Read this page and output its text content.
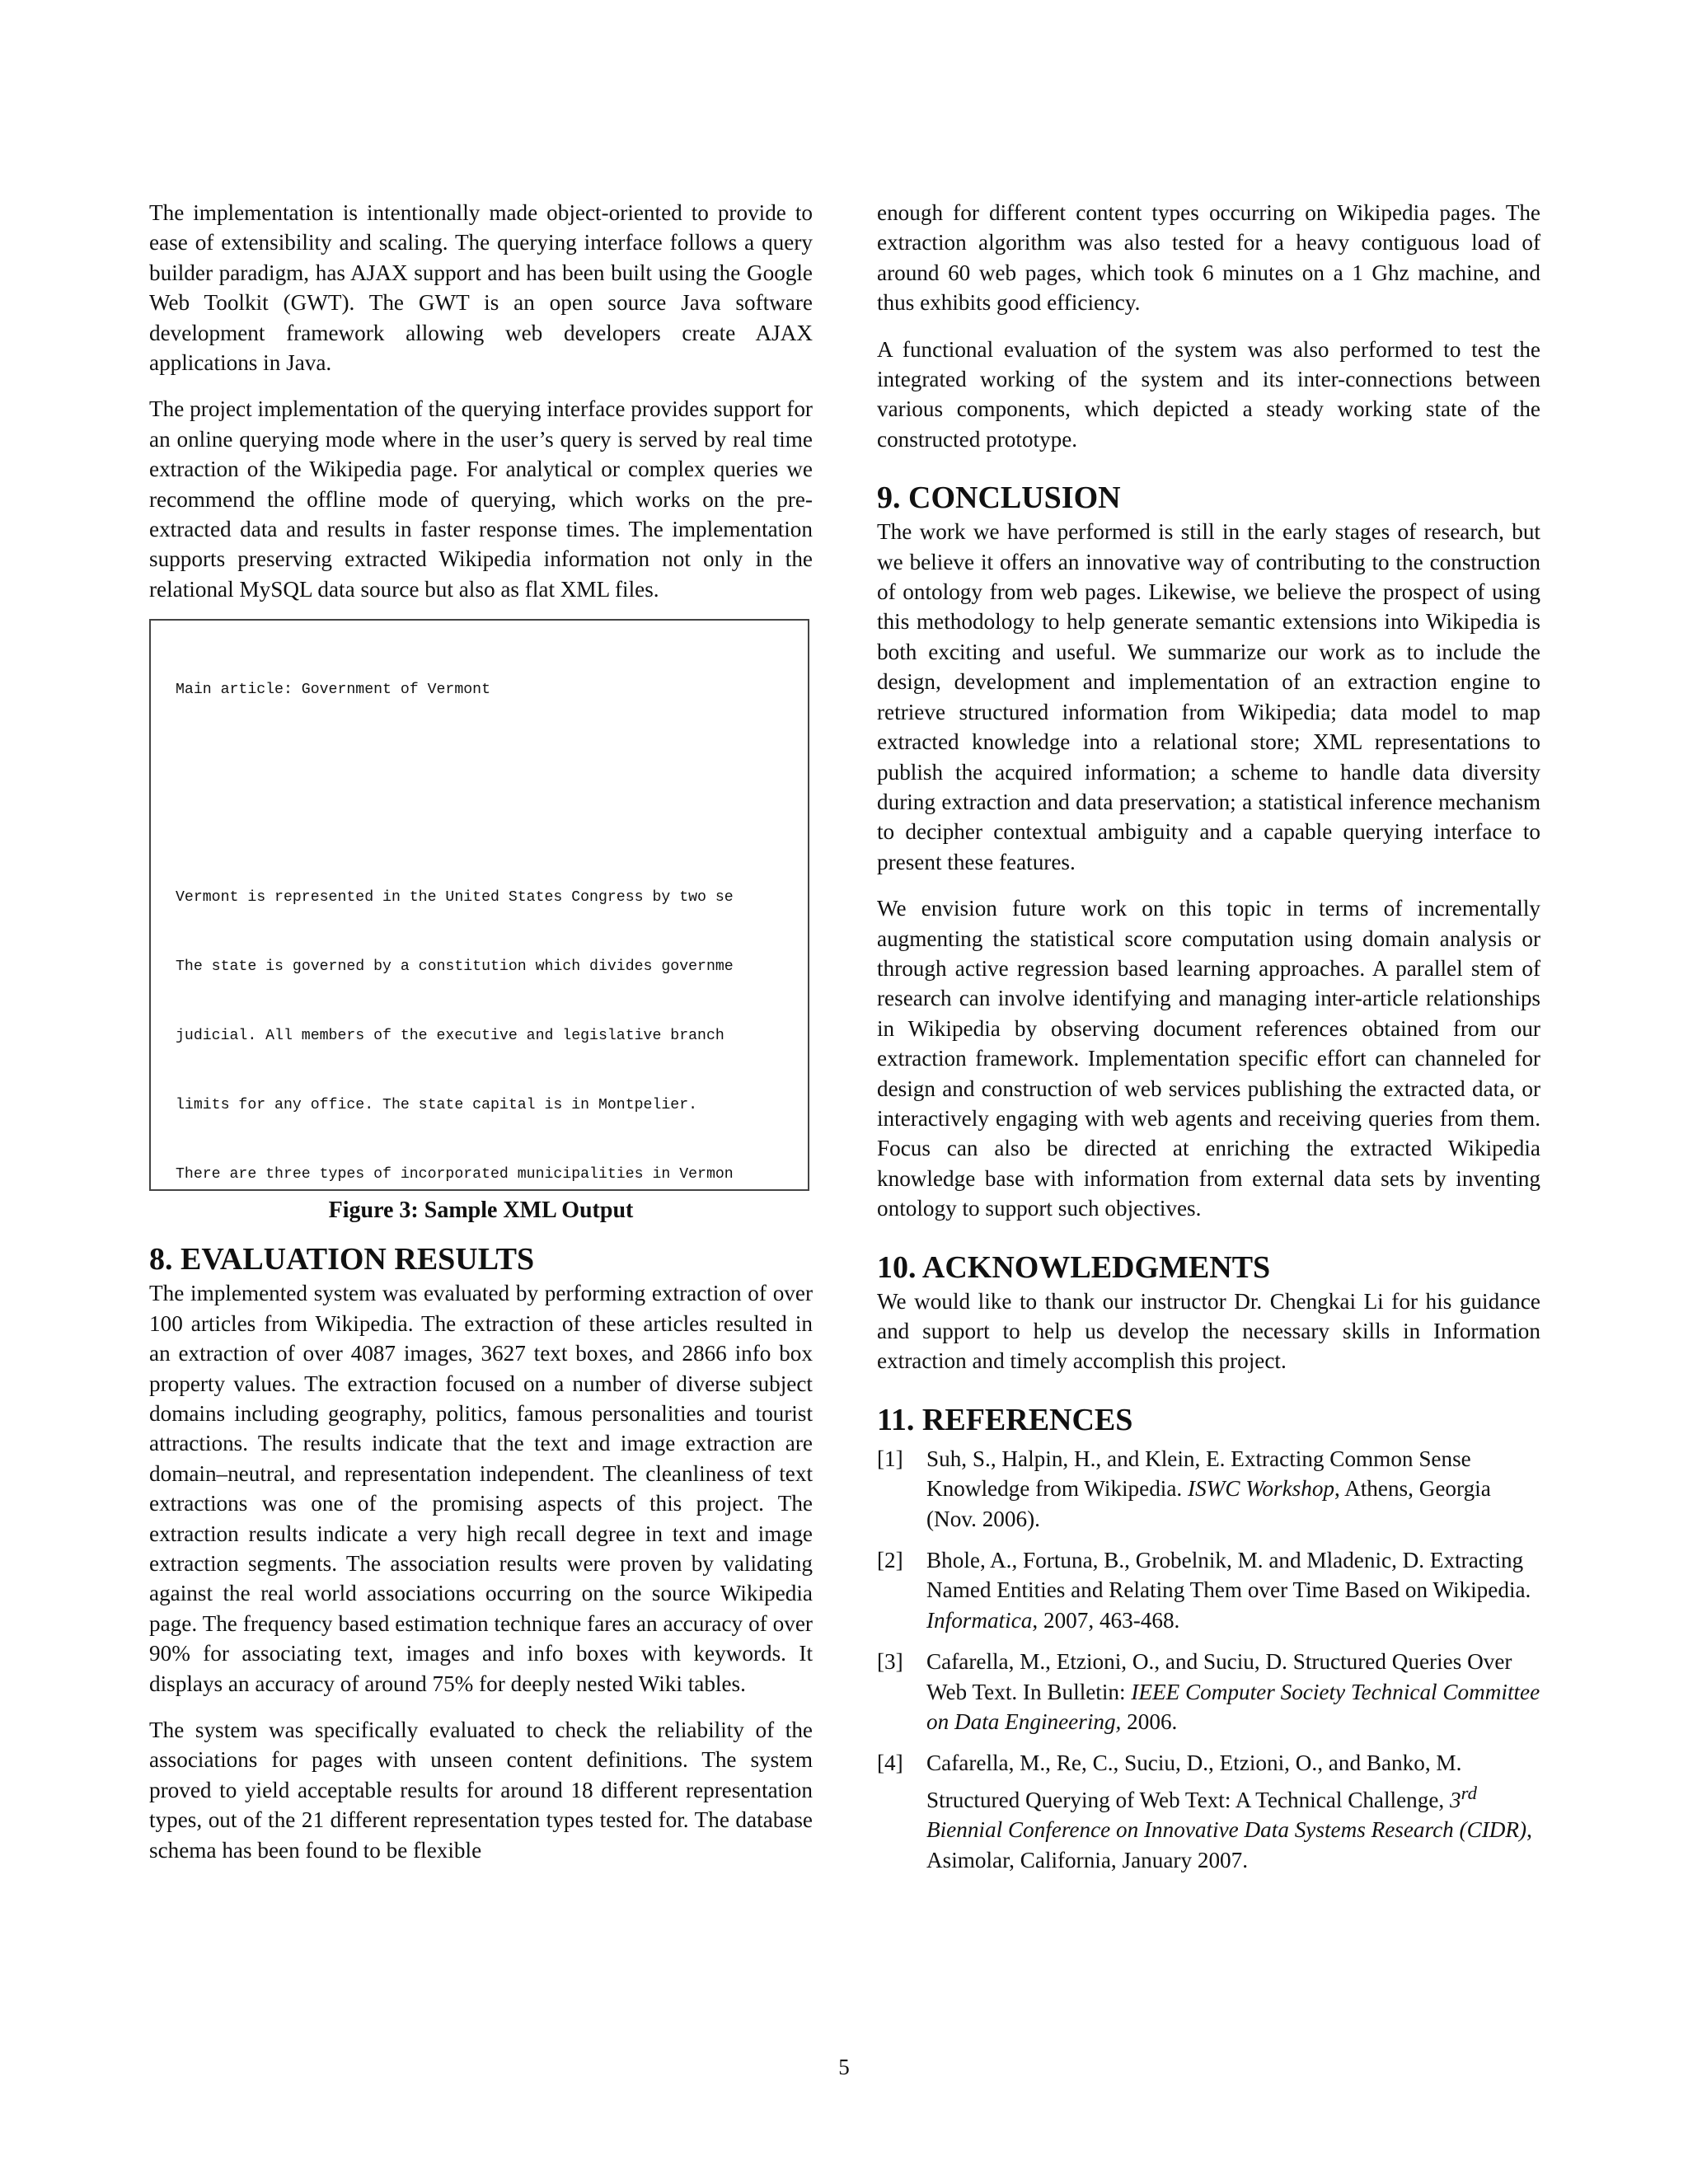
The implementation is intentionally made object-oriented to provide to ease of extensibility and scaling. The querying interface follows a query builder paradigm, has AJAX support and has been built using the Google Web Toolkit (GWT). The GWT is an open source Java software development framework allowing web developers create AJAX applications in Java.

The project implementation of the querying interface provides support for an online querying mode where in the user’s query is served by real time extraction of the Wikipedia page. For analytical or complex queries we recommend the offline mode of querying, which works on the pre-extracted data and results in faster response times. The implementation supports preserving extracted Wikipedia information not only in the relational MySQL data source but also as flat XML files.

Main article: Government of Vermont

Vermont is represented in the United States Congress by two se

The state is governed by a constitution which divides governme

judicial. All members of the executive and legislative branch

limits for any office. The state capital is in Montpelier.

There are three types of incorporated municipalities in Vermon

Figure 3: Sample XML Output
8. EVALUATION RESULTS

The implemented system was evaluated by performing extraction of over 100 articles from Wikipedia. The extraction of these articles resulted in an extraction of over 4087 images, 3627 text boxes, and 2866 info box property values. The extraction focused on a number of diverse subject domains including geography, politics, famous personalities and tourist attractions. The results indicate that the text and image extraction are domain–neutral, and representation independent. The cleanliness of text extractions was one of the promising aspects of this project. The extraction results indicate a very high recall degree in text and image extraction segments. The association results were proven by validating against the real world associations occurring on the source Wikipedia page. The frequency based estimation technique fares an accuracy of over 90% for associating text, images and info boxes with keywords. It displays an accuracy of around 75% for deeply nested Wiki tables.

The system was specifically evaluated to check the reliability of the associations for pages with unseen content definitions. The system proved to yield acceptable results for around 18 different representation types, out of the 21 different representation types tested for. The database schema has been found to be flexible

enough for different content types occurring on Wikipedia pages. The extraction algorithm was also tested for a heavy contiguous load of around 60 web pages, which took 6 minutes on a 1 Ghz machine, and thus exhibits good efficiency.

A functional evaluation of the system was also performed to test the integrated working of the system and its inter-connections between various components, which depicted a steady working state of the constructed prototype.

9. CONCLUSION

The work we have performed is still in the early stages of research, but we believe it offers an innovative way of contributing to the construction of ontology from web pages. Likewise, we believe the prospect of using this methodology to help generate semantic extensions into Wikipedia is both exciting and useful. We summarize our work as to include the design, development and implementation of an extraction engine to retrieve structured information from Wikipedia; data model to map extracted knowledge into a relational store; XML representations to publish the acquired information; a scheme to handle data diversity during extraction and data preservation; a statistical inference mechanism to decipher contextual ambiguity and a capable querying interface to present these features.

We envision future work on this topic in terms of incrementally augmenting the statistical score computation using domain analysis or through active regression based learning approaches. A parallel stem of research can involve identifying and managing inter-article relationships in Wikipedia by observing document references obtained from our extraction framework. Implementation specific effort can channeled for design and construction of web services publishing the extracted data, or interactively engaging with web agents and receiving queries from them. Focus can also be directed at enriching the extracted Wikipedia knowledge base with information from external data sets by inventing ontology to support such objectives.

10. ACKNOWLEDGMENTS

We would like to thank our instructor Dr. Chengkai Li for his guidance and support to help us develop the necessary skills in Information extraction and timely accomplish this project.

11. REFERENCES
[1]	Suh, S., Halpin, H., and Klein, E. Extracting Common Sense Knowledge from Wikipedia. ISWC Workshop, Athens, Georgia (Nov. 2006).
[2]	Bhole, A., Fortuna, B., Grobelnik, M. and Mladenic, D. Extracting Named Entities and Relating Them over Time Based on Wikipedia. Informatica, 2007, 463-468.
[3]	Cafarella, M., Etzioni, O., and Suciu, D. Structured Queries Over Web Text. In Bulletin: IEEE Computer Society Technical Committee on Data Engineering, 2006.
[4]	Cafarella, M., Re, C., Suciu, D., Etzioni, O., and Banko, M. Structured Querying of Web Text: A Technical Challenge, 3rd Biennial Conference on Innovative Data Systems Research (CIDR), Asimolar, California, January 2007.
5
